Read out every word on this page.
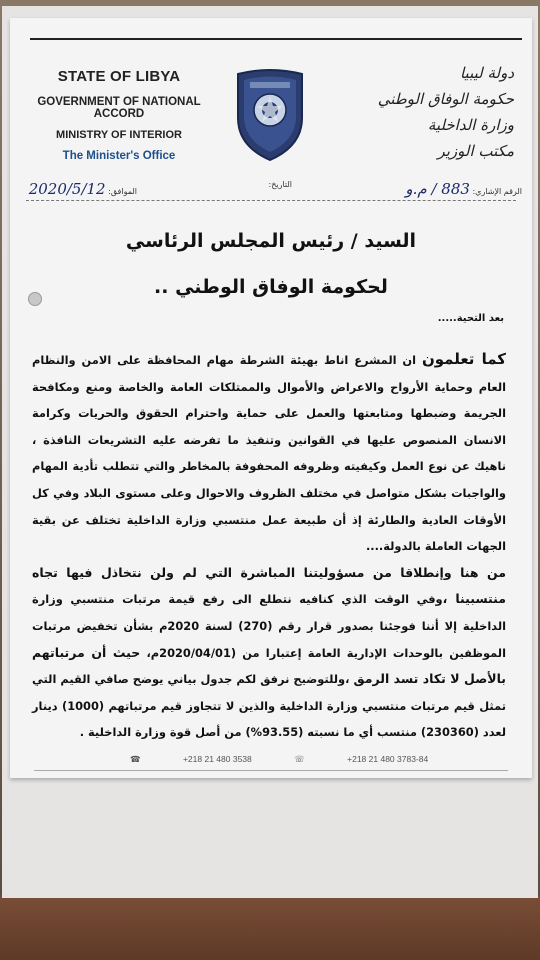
STATE OF LIBYA
GOVERNMENT OF NATIONAL ACCORD
MINISTRY OF INTERIOR
The Minister's Office
دولة ليبيا
حكومة الوفاق الوطني
وزارة الداخلية
مكتب الوزير
الرقم الإشاري: 883 / م.و
التاريخ:
الموافق: 2020/5/12
السيد / رئيس المجلس الرئاسي
لحكومة الوفاق الوطني ..
بعد التحية.....

كما تعلمون ان المشرع اناط بهيئة الشرطة مهام المحافظة على الامن والنظام العام وحماية الأرواح والاعراض والأموال والممتلكات العامة والخاصة ومنع ومكافحة الجريمة وضبطها ومتابعتها والعمل على حماية واحترام الحقوق والحريات وكرامة الانسان المنصوص عليها في القوانين وتنفيذ ما تفرضه عليه التشريعات النافذة ، ناهيك عن نوع العمل وكيفيته وظروفه المحفوفة بالمخاطر والتي تتطلب تأدية المهام والواجبات بشكل متواصل في مختلف الظروف والاحوال وعلى مستوى البلاد وفي كل الأوقات العادية والطارئة إذ أن طبيعة عمل منتسبي وزارة الداخلية تختلف عن بقية الجهات العاملة بالدولة....

من هنا وإنطلاقا من مسؤوليتنا المباشرة التي لم ولن نتخاذل فيها تجاه منتسبينا ،وفي الوقت الذي كنافيه نتطلع الى رفع قيمة مرتبات منتسبي وزارة الداخلية إلا أننا فوجئنا بصدور قرار رقم (270) لسنة 2020م بشأن تخفيض مرتبات الموظفين بالوحدات الإدارية العامة إعتبارا من (2020/04/01م، حيث أن مرتباتهم بالأصل لا تكاد تسد الرمق ،وللتوضيح نرفق لكم جدول بياني يوضح صافي القيم التي تمثل قيم مرتبات منتسبي وزارة الداخلية والذين لا تتجاوز قيم مرتباتهم (1000) دينار لعدد (230360) منتسب أي ما نسبته (93.55%) من أصل قوة وزارة الداخلية .

☎	+218 21 480 3538	☏	+218 21 480 3783-84
